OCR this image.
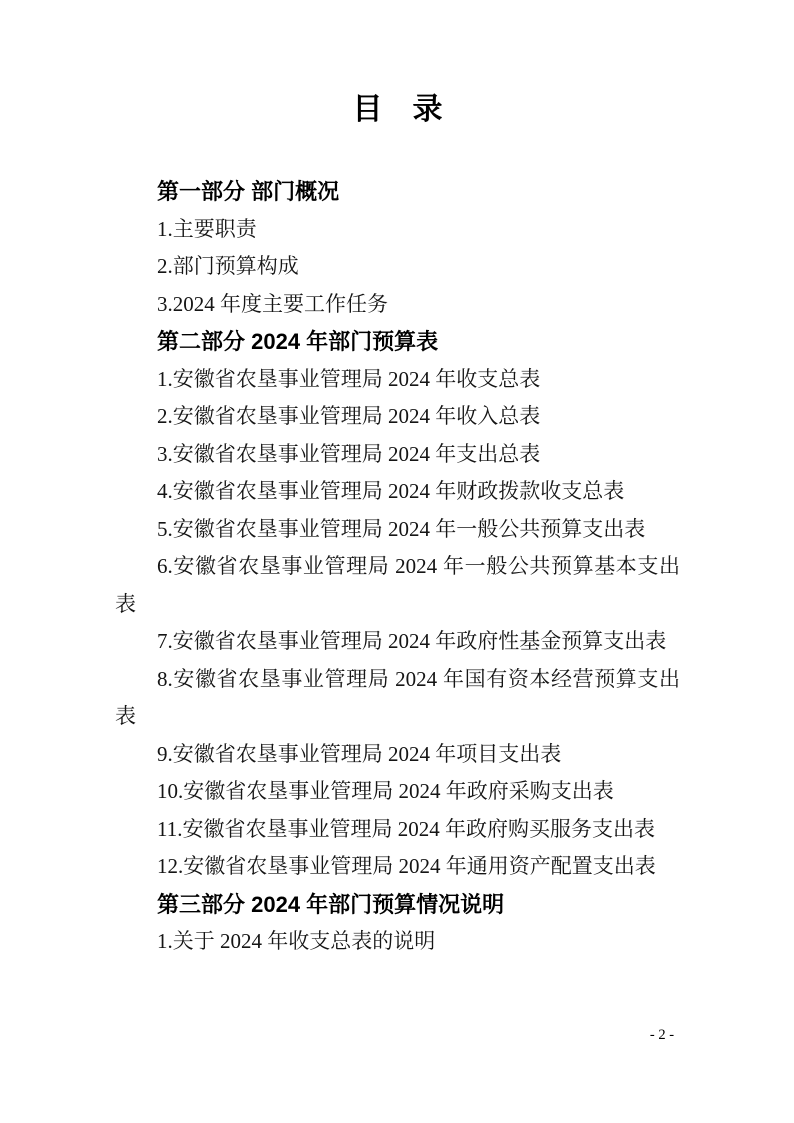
目　录

第一部分 部门概况

1.主要职责

2.部门预算构成

3.2024 年度主要工作任务

第二部分 2024 年部门预算表

1.安徽省农垦事业管理局 2024 年收支总表

2.安徽省农垦事业管理局 2024 年收入总表

3.安徽省农垦事业管理局 2024 年支出总表

4.安徽省农垦事业管理局 2024 年财政拨款收支总表

5.安徽省农垦事业管理局 2024 年一般公共预算支出表

6.安徽省农垦事业管理局 2024 年一般公共预算基本支出表

7.安徽省农垦事业管理局 2024 年政府性基金预算支出表

8.安徽省农垦事业管理局 2024 年国有资本经营预算支出表

9.安徽省农垦事业管理局 2024 年项目支出表

10.安徽省农垦事业管理局 2024 年政府采购支出表

11.安徽省农垦事业管理局 2024 年政府购买服务支出表

12.安徽省农垦事业管理局 2024 年通用资产配置支出表

第三部分 2024 年部门预算情况说明

1.关于 2024 年收支总表的说明

- 2 -
